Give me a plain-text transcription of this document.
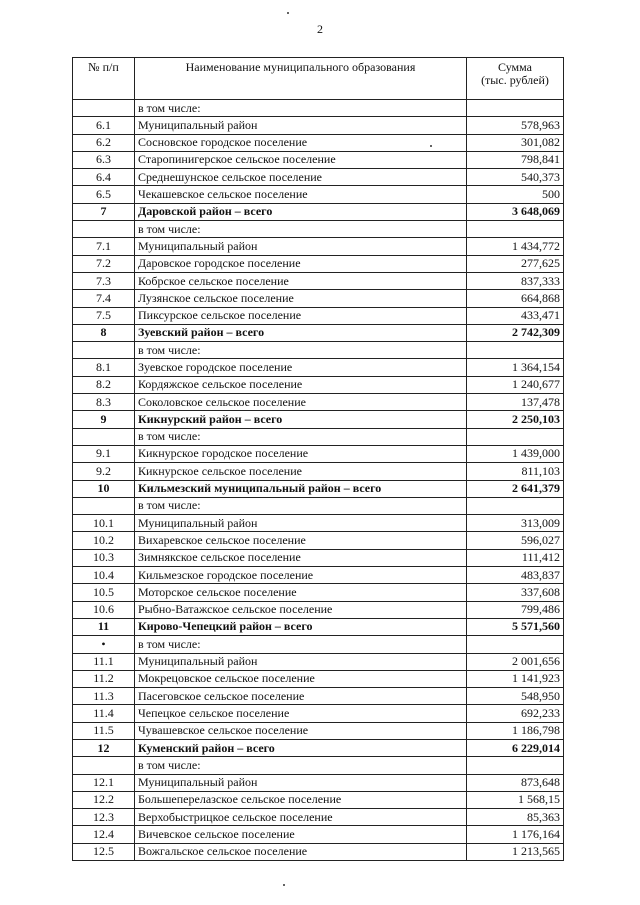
2
№ п/п	Наименование муниципального образования	Сумма
(тыс. рублей)

	в том числе:	
6.1	Муниципальный район	578,963
6.2	Сосновское городское поселение	301,082
6.3	Старопинигерское сельское поселение	798,841
6.4	Среднешунское сельское поселение	540,373
6.5	Чекашевское сельское поселение	500
7	Даровской район – всего	3 648,069
	в том числе:	
7.1	Муниципальный район	1 434,772
7.2	Даровское городское поселение	277,625
7.3	Кобрское сельское поселение	837,333
7.4	Лузянское сельское поселение	664,868
7.5	Пиксурское сельское поселение	433,471
8	Зуевский район – всего	2 742,309
	в том числе:	
8.1	Зуевское городское поселение	1 364,154
8.2	Кордяжское сельское поселение	1 240,677
8.3	Соколовское сельское поселение	137,478
9	Кикнурский район – всего	2 250,103
	в том числе:	
9.1	Кикнурское городское поселение	1 439,000
9.2	Кикнурское сельское поселение	811,103
10	Кильмезский муниципальный район – всего	2 641,379
	в том числе:	
10.1	Муниципальный район	313,009
10.2	Вихаревское сельское поселение	596,027
10.3	Зимнякское сельское поселение	111,412
10.4	Кильмезское городское поселение	483,837
10.5	Моторское сельское поселение	337,608
10.6	Рыбно-Ватажское сельское поселение	799,486
11	Кирово-Чепецкий район – всего	5 571,560
•	в том числе:	
11.1	Муниципальный район	2 001,656
11.2	Мокрецовское сельское поселение	1 141,923
11.3	Пасеговское сельское поселение	548,950
11.4	Чепецкое сельское поселение	692,233
11.5	Чувашевское сельское поселение	1 186,798
12	Куменский район – всего	6 229,014
	в том числе:	
12.1	Муниципальный район	873,648
12.2	Большеперелазское сельское поселение	1 568,15
12.3	Верхобыстрицкое сельское поселение	85,363
12.4	Вичевское сельское поселение	1 176,164
12.5	Вожгальское сельское поселение	1 213,565
